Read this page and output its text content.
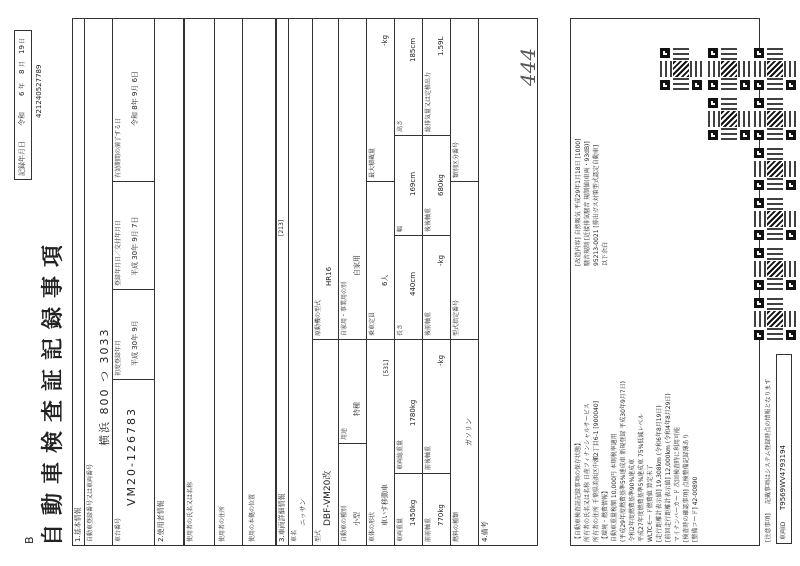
B
記録年月日
令和
6
年
8
月
19
日
421240527789
自動車検査証記録事項 1.基本情報 自動車登録番号又は車両番号
横浜 800 つ 3033
車台番号
VM20-126783
初度登録年月 平成 30年 9月
登録年月日／交付年月日 平成 30年 9月 7日
有効期間の満了する日
令和 8年 9月 6日
2.使用者情報	使用者の氏名又は名称	使用者の住所	使用の本拠の位置	3.車両詳細情報
[213]
車名
ニッサン
型式
DBF-VM20改
原動機の型式
HR16
自動車の種別 小型
用途
特種
自家用・事業用の別
自家用
車体の形状
車いす移動車
[531]
乗車定員
6人
最大積載量
-kg
車両重量
1450kg
車両総重量
1780kg
長さ
440cm
幅
169cm
高さ
185cm
前前軸重
770kg
前後軸重
-kg
後前軸重
-kg
後後軸重
680kg
総排気量又は定格出力
1.59L
燃料の種類
ガソリン
型式指定番号
類別区分番号
4.備考	【自動車検査証記録事項の保存状態】 所有者の氏名又は名称 日産フィナンシャルサービス 所有者の住所 千葉県美浜区中瀬2丁目6-1 [900040] 【環境・燃費情報】 自動車重量税額 10,000円 本則税率適用 (平成29年度燃費基準5%達成車 新規登録 平成30年9月7日) 令和2年度燃費基準90%達成車 平成27年度燃費基準5%達成車 75%低減レベル WLTCモード燃費値 算定未了 [走行距離計表示値] 19,308km (令和6年8月19日) [前回走行距離計表示値] 12,000km (令和4年8月29日) マイナンバーカード 次回検査時に利用可能 [検査時の確認事項] 点検整備記録簿あり [整備コード] 42-00890
[改造内容] 自然吸気 平成29年1月18日 [1000] 騒音規制 [近接排気騒音 規制値(車両・93dB)] 95213-0021 [排出ガス対策型式認定自動車] 以下余白
[注意事項]
記載事項はシステム登録時点の情報となります
車両ID
T9569WV4793194
444
